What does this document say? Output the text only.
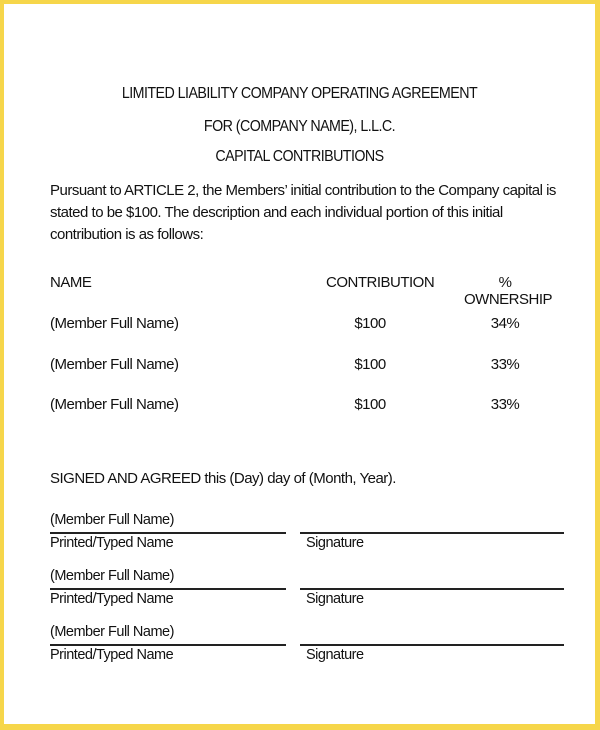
LIMITED LIABILITY COMPANY OPERATING AGREEMENT
FOR (COMPANY NAME), L.L.C.
CAPITAL CONTRIBUTIONS
Pursuant to ARTICLE 2, the Members’ initial contribution to the Company capital is stated to be $100. The description and each individual portion of this initial contribution is as follows:
NAME	CONTRIBUTION	% OWNERSHIP
(Member Full Name)	$100	34%
(Member Full Name)	$100	33%
(Member Full Name)	$100	33%
SIGNED AND AGREED this (Day) day of (Month, Year).
(Member Full Name)
Printed/Typed Name	Signature
(Member Full Name)
Printed/Typed Name	Signature
(Member Full Name)
Printed/Typed Name	Signature
